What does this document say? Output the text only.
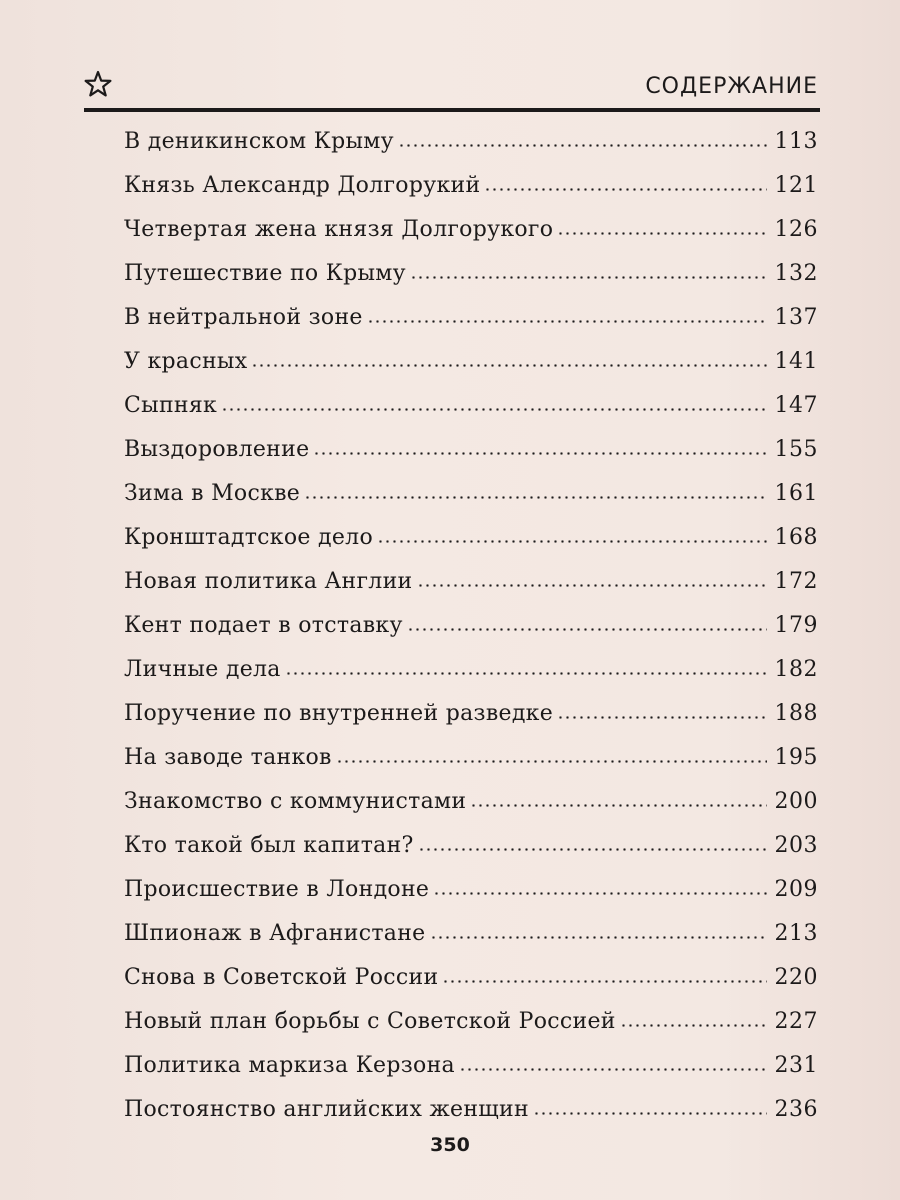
СОДЕРЖАНИЕ
В деникинском Крыму	113
Князь Александр Долгорукий	121
Четвертая жена князя Долгорукого	126
Путешествие по Крыму	132
В нейтральной зоне	137
У красных	141
Сыпняк	147
Выздоровление	155
Зима в Москве	161
Кронштадтское дело	168
Новая политика Англии	172
Кент подает в отставку	179
Личные дела	182
Поручение по внутренней разведке	188
На заводе танков	195
Знакомство с коммунистами	200
Кто такой был капитан?	203
Происшествие в Лондоне	209
Шпионаж в Афганистане	213
Снова в Советской России	220
Новый план борьбы с Советской Россией	227
Политика маркиза Керзона	231
Постоянство английских женщин	236
350
